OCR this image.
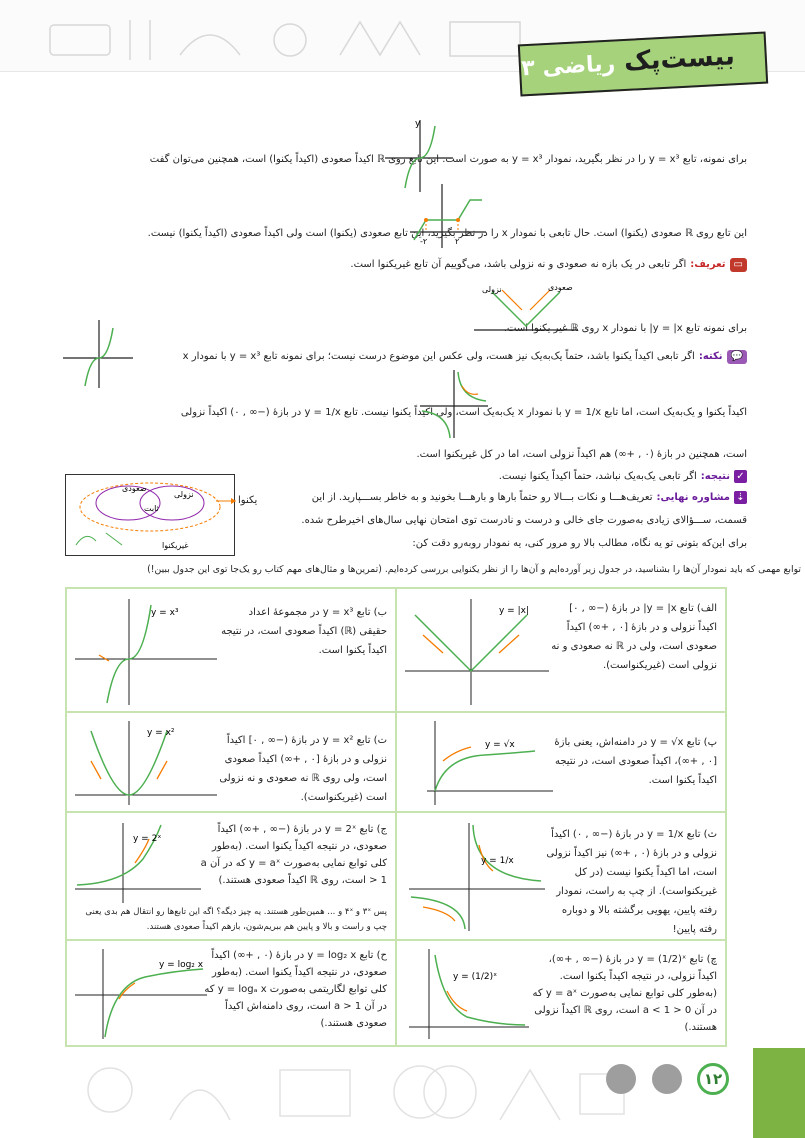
بیست‌پک ریاضی ۳
برای نمونه، تابع y = x³ را در نظر بگیرید، نمودار y = x³ به صورت است. این تابع روی ℝ اکیداً صعودی (اکیداً یکنوا) است، همچنین می‌توان گفت
y
این تابع روی ℝ صعودی (یکنوا) است. حال تابعی با نمودار x را در نظر بگیرید، این تابع صعودی (یکنوا) است ولی اکیداً صعودی (اکیداً یکنوا) نیست.
-۲	۲
▭تعریف:اگر تابعی در یک بازه نه صعودی و نه نزولی باشد، می‌گوییم آن تابع غیریکنوا است.
برای نمونه تابع y = |x| با نمودار x روی ℝ غیر یکنوا است.
نزولی	صعودی
💬نکته:اگر تابعی اکیداً یکنوا باشد، حتماً یک‌به‌یک نیز هست، ولی عکس این موضوع درست نیست؛ برای نمونه تابع y = x³ با نمودار x
اکیداً یکنوا و یک‌به‌یک است، اما تابع y = 1/x با نمودار x یک‌به‌یک است، ولی اکیداً یکنوا نیست. تابع y = 1/x در بازهٔ (−∞ , ۰) اکیداً نزولی
است، همچنین در بازهٔ (۰ , +∞) هم اکیداً نزولی است، اما در کل غیریکنوا است.
✓نتیجه:اگر تابعی یک‌به‌یک نباشد، حتماً اکیداً یکنوا نیست.
⇣مشاوره نهایی:تعریف‌هـــا و نکات بـــالا رو حتماً بارها و بارهـــا بخونید و به خاطر بســـپارید. از این
قسمت، ســـؤالای زیادی به‌صورت جای خالی و درست و نادرست توی امتحان نهایی سال‌های اخیرطرح شده.
برای این‌که بتونی تو یه نگاه، مطالب بالا رو مرور کنی، یه نمودار روبه‌رو دقت کن:
توابع مهمی که باید نمودار آن‌ها را بشناسید، در جدول زیر آورده‌ایم و آن‌ها را از نظر یکنوایی بررسی کرده‌ایم. (تمرین‌ها و مثال‌های مهم کتاب رو یک‌جا توی این جدول ببین!)
صعودی
نزولی
ثابت
غیریکنوا
یکنوا
الف) تابع y = |x| در بازهٔ (−∞ , ۰] اکیداً نزولی و در بازهٔ [۰ , +∞) اکیداً صعودی است، ولی در ℝ نه صعودی و نه نزولی است (غیریکنواست).
y = |x|
ب) تابع y = x³ در مجموعهٔ اعداد حقیقی (ℝ) اکیداً صعودی است، در نتیجه اکیداً یکنوا است.
y = x³
پ) تابع y = √x در دامنه‌اش، یعنی بازهٔ [۰ , +∞)، اکیداً صعودی است، در نتیجه اکیداً یکنوا است.
y = √x
ت) تابع y = x² در بازهٔ (−∞ , ۰] اکیداً نزولی و در بازهٔ [۰ , +∞) اکیداً صعودی است، ولی روی ℝ نه صعودی و نه نزولی است (غیریکنواست).
y = x²
ث) تابع y = 1/x در بازهٔ (−∞ , ۰) اکیداً نزولی و در بازهٔ (۰ , +∞) نیز اکیداً نزولی است، اما اکیداً یکنوا نیست (در کل غیریکنواست). از چپ به راست، نمودار رفته پایین، یهویی برگشته بالا و دوباره رفته پایین!
y = 1/x
ج) تابع y = 2ˣ در بازهٔ (−∞ , +∞) اکیداً صعودی، در نتیجه اکیداً یکنوا است. (به‌طور کلی توابع نمایی به‌صورت y = aˣ که در آن a > 1 است، روی ℝ اکیداً صعودی هستند.)
پس ۳ˣ و ۴ˣ و ... همین‌طور هستند. یه چیز دیگه؟ اگه این تابع‌ها رو انتقال هم بدی یعنی چپ و راست و بالا و پایین هم ببریم‌شون، بازهم اکیداً صعودی هستند.
y = 2ˣ
چ) تابع y = (1/2)ˣ در بازهٔ (−∞ , +∞)، اکیداً نزولی، در نتیجه اکیداً یکنوا است. (به‌طور کلی توابع نمایی به‌صورت y = aˣ که در آن 0 < a < 1 است، روی ℝ اکیداً نزولی هستند.)
y = (1/2)ˣ
ح) تابع y = log₂ x در بازهٔ (۰ , +∞) اکیداً صعودی، در نتیجه اکیداً یکنوا است. (به‌طور کلی توابع لگاریتمی به‌صورت y = logₐ x که در آن a > 1 است، روی دامنه‌اش اکیداً صعودی هستند.)
y = log₂ x
۱۲
